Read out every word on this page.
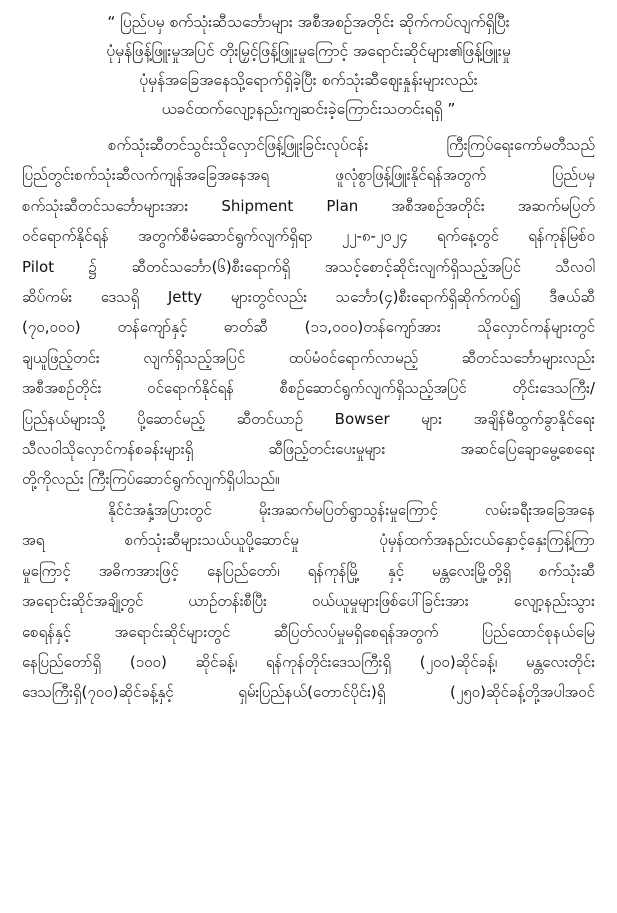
“ ပြည်ပမှ စက်သုံးဆီသင်္ဘောများ အစီအစဉ်အတိုင်း ဆိုက်ကပ်လျက်ရှိပြီး
ပုံမှန်ဖြန့်ဖြူးမှုအပြင် တိုးမြှင့်ဖြန့်ဖြူးမှုကြောင့် အရောင်းဆိုင်များ၏ဖြန့်ဖြူးမှု
ပုံမှန်အခြေအနေသို့ရောက်ရှိခဲ့ပြီး စက်သုံးဆီဈေးနှုန်းများလည်း
ယခင်ထက်လျော့နည်းကျဆင်းခဲ့ကြောင်းသတင်းရရှိ ”

စက်သုံးဆီတင်သွင်းသိုလှောင်ဖြန့်ဖြူးခြင်းလုပ်ငန်း ကြီးကြပ်ရေးကော်မတီသည်
ပြည်တွင်းစက်သုံးဆီလက်ကျန်အခြေအနေအရ ဖူလုံစွာဖြန့်ဖြူးနိုင်ရန်အတွက် ပြည်ပမှ
စက်သုံးဆီတင်သင်္ဘောများအား Shipment Plan အစီအစဉ်အတိုင်း အဆက်မပြတ်
ဝင်ရောက်နိုင်ရန် အတွက်စီမံဆောင်ရွက်လျက်ရှိရာ ၂၂-၈-၂၀၂၄ ရက်နေ့တွင် ရန်ကုန်မြစ်ဝ
Pilot ၌ ဆီတင်သင်္ဘော(၆)စီးရောက်ရှိ အသင့်စောင့်ဆိုင်းလျက်ရှိသည့်အပြင် သီလဝါ
ဆိပ်ကမ်း ဒေသရှိ Jetty များတွင်လည်း သင်္ဘော(၄)စီးရောက်ရှိဆိုက်ကပ်၍ ဒီဇယ်ဆီ
(၇၀,၀၀၀) တန်ကျော်နှင့် ဓာတ်ဆီ (၁၁,၀၀၀)တန်ကျော်အား သိုလှောင်ကန်များတွင်
ချယူဖြည့်တင်း လျက်ရှိသည့်အပြင် ထပ်မံဝင်ရောက်လာမည့် ဆီတင်သင်္ဘောများလည်း
အစီအစဉ်တိုင်း ဝင်ရောက်နိုင်ရန် စီစဉ်ဆောင်ရွက်လျက်ရှိသည့်အပြင် တိုင်းဒေသကြီး/
ပြည်နယ်များသို့ ပို့ဆောင်မည့် ဆီတင်ယာဉ် Bowser များ အချိန်မီထွက်ခွာနိုင်ရေး
သီလဝါသိုလှောင်ကန်စခန်းများရှိ ဆီဖြည့်တင်းပေးမှုများ အဆင်ပြေချောမွေ့စေရေး
တို့ကိုလည်း ကြီးကြပ်ဆောင်ရွက်လျက်ရှိပါသည်။

နိုင်ငံအနှံ့အပြားတွင် မိုးအဆက်မပြတ်ရွာသွန်းမှုကြောင့် လမ်းခရီးအခြေအနေ
အရ စက်သုံးဆီများသယ်ယူပို့ဆောင်မှု ပုံမှန်ထက်အနည်းငယ်နှောင့်နှေးကြန့်ကြာ
မှုကြောင့် အဓိကအားဖြင့် နေပြည်တော်၊ ရန်ကုန်မြို့ နှင့် မန္တလေးမြို့တို့ရှိ စက်သုံးဆီ
အရောင်းဆိုင်အချို့တွင် ယာဉ်တန်းစီပြီး ဝယ်ယူမှုများဖြစ်ပေါ်ခြင်းအား လျော့နည်းသွား
စေရန်နှင့် အရောင်းဆိုင်များတွင် ဆီပြတ်လပ်မှုမရှိစေရန်အတွက် ပြည်ထောင်စုနယ်မြေ
နေပြည်တော်ရှိ (၁၀၀) ဆိုင်ခန့်၊ ရန်ကုန်တိုင်းဒေသကြီးရှိ (၂၀၀)ဆိုင်ခန့်၊ မန္တလေးတိုင်း
ဒေသကြီးရှိ(၇၀၀)ဆိုင်ခန့်နှင့် ရှမ်းပြည်နယ်(တောင်ပိုင်း)ရှိ (၂၅၀)ဆိုင်ခန့်တို့အပါအဝင်
